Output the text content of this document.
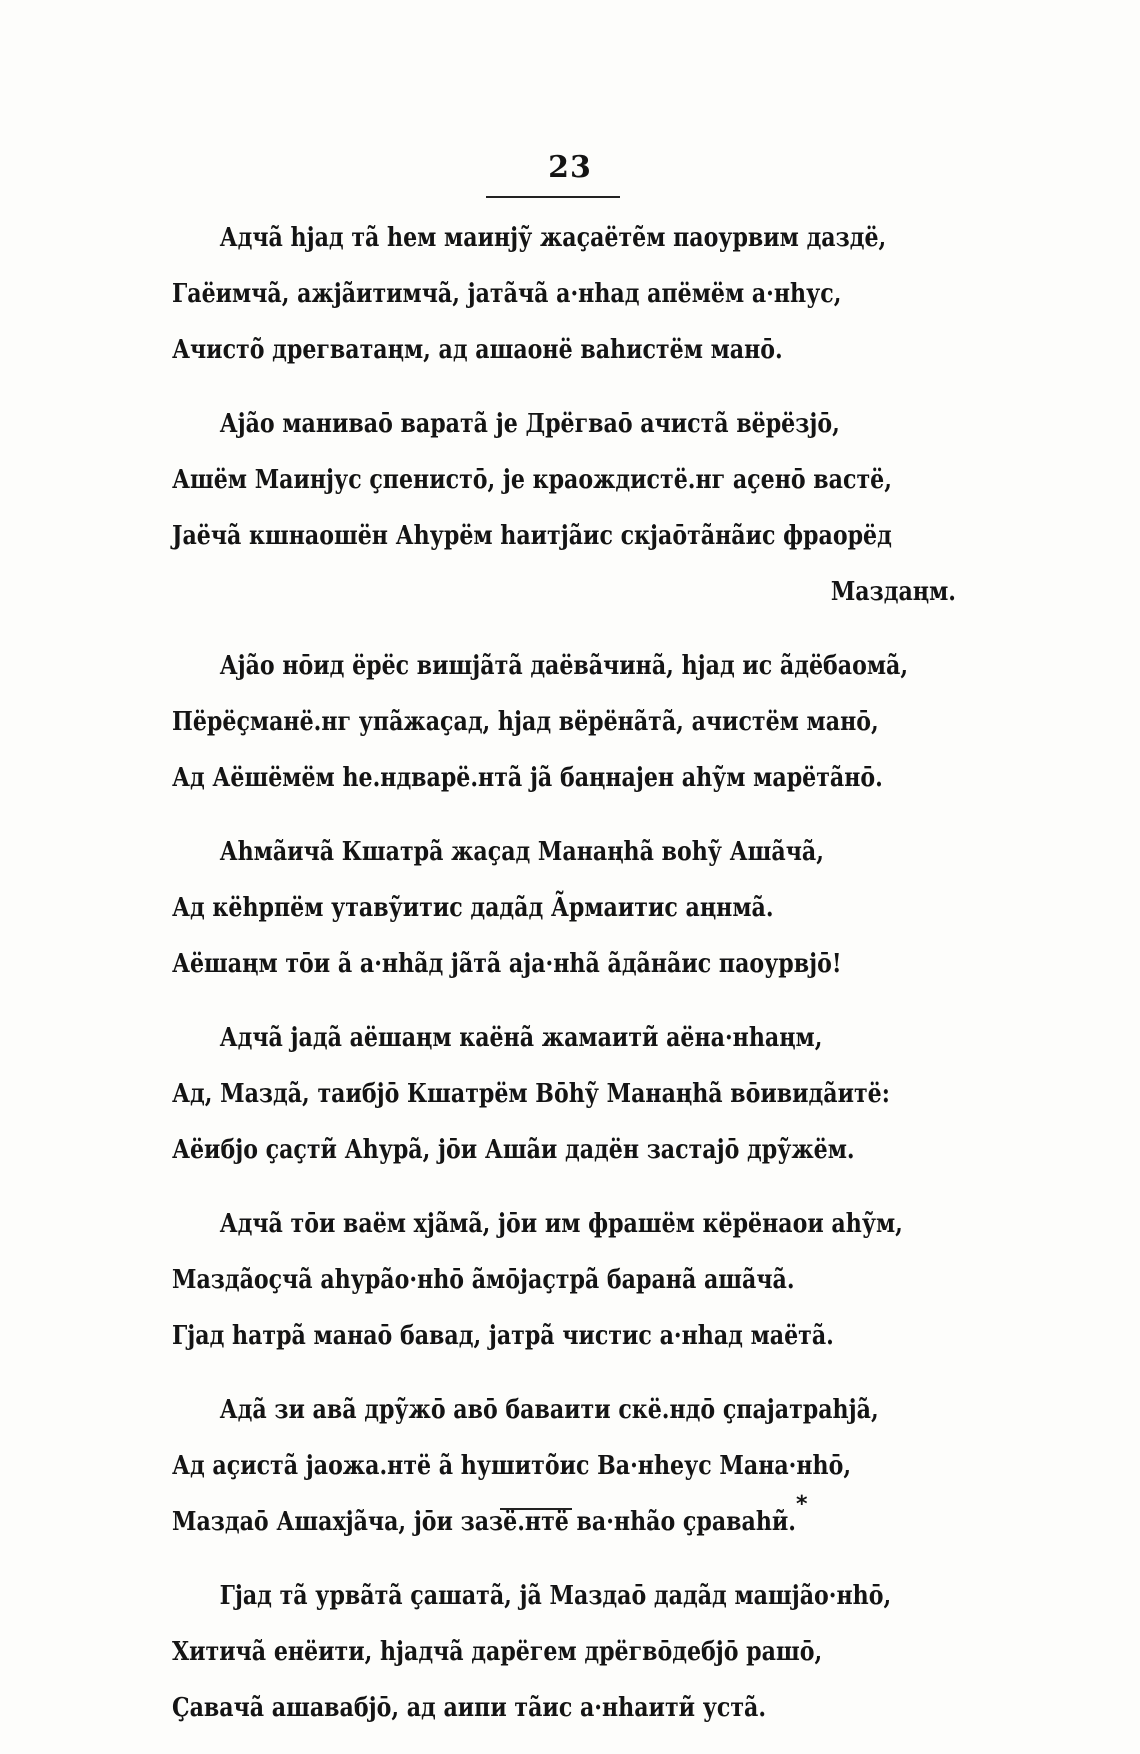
23
Адча̃ һјад та̃ һем маинју̃ жаҫаёте̃м паоурвим даздё,
Гаёимча̃, ажја̃итимча̃, јата̃ча̃ а·нһад апёмём а·нһус,
Ачисто̃ дрегватаңм, ад ашаонё ваһистём манō.
Аја̃о маниваō варата̃ је Дрёгваō ачиста̃ вёрёзјō,
Ашём Маинјус ҫпенистō, је краождистё.нг аҫенō вастё,
Јаёча̃ кшнаошён Аһурём һаитја̃ис скјаōта̃на̃ис фраорёд
Маздаңм.
Аја̃о нōид ёрёс вишја̃та̃ даёва̃чина̃, һјад ис а̃дёбаома̃,
Пёрёҫманё.нг упа̃жаҫад, һјад вёрёна̃та̃, ачистём манō,
Ад Аёшёмём һе.ндварё.нта̃ ја̃ баңнајен аһу̃м марёта̃нō.
Аһма̃ича̃ Кшатра̃ жаҫад Манаңһа̃ воһу̃ Аша̃ча̃,
Ад кёһрпём утаву̃итис дада̃д А̃рмаитис аңнма̃.
Аёшаңм тōи а̃ а·нһа̃д ја̃та̃ аја·нһа̃ а̃да̃на̃ис паоурвјō!
Адча̃ јада̃ аёшаңм каёна̃ жамаити̃ аёна·нһаңм,
Ад, Мазда̃, таибјō Кшатрём Вōһу̃ Манаңһа̃ вōивида̃итё:
Аёибјо ҫаҫти̃ Аһура̃, јōи Аша̃и дадён застајō дру̃жём.
Адча̃ тōи ваём хја̃ма̃, јōи им фрашём кёрёнаои аһу̃м,
Мазда̃оҫча̃ аһура̃о·нһō а̃мōјаҫтра̃ барана̃ аша̃ча̃.
Гјад һатра̃ манаō бавад, јатра̃ чистис а·нһад маёта̃.
Ада̃ зи ава̃ дру̃жō авō баваити скё.ндō ҫпајатраһја̃,
Ад аҫиста̃ јаожа.нтё а̃ һушито̃ис Ва·нһеус Мана·нһō,
Маздаō Ашахја̃ча, јōи зазё.нтё ва·нһа̃о ҫраваһи̃.
Гјад та̃ урва̃та̃ ҫашата̃, ја̃ Маздаō дада̃д машја̃о·нһō,
Хитича̃ енёити, һјадча̃ дарёгем дрёгвōдебјō рашō,
Ҫавача̃ ашавабјō, ад аипи та̃ис а·нһаити̃ уста̃.
*
